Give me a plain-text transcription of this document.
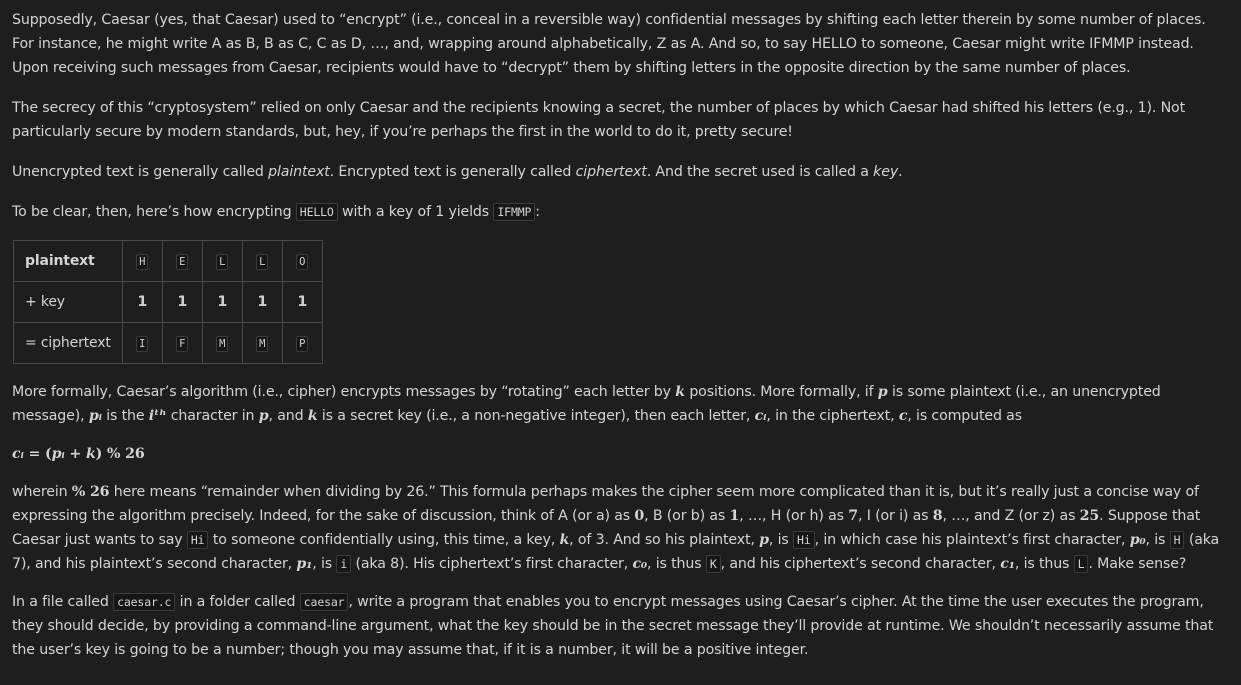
Supposedly, Caesar (yes, that Caesar) used to “encrypt” (i.e., conceal in a reversible way) confidential messages by shifting each letter therein by some number of places. For instance, he might write A as B, B as C, C as D, …, and, wrapping around alphabetically, Z as A. And so, to say HELLO to someone, Caesar might write IFMMP instead. Upon receiving such messages from Caesar, recipients would have to “decrypt” them by shifting letters in the opposite direction by the same number of places.

The secrecy of this “cryptosystem” relied on only Caesar and the recipients knowing a secret, the number of places by which Caesar had shifted his letters (e.g., 1). Not particularly secure by modern standards, but, hey, if you’re perhaps the first in the world to do it, pretty secure!

Unencrypted text is generally called plaintext. Encrypted text is generally called ciphertext. And the secret used is called a key.

To be clear, then, here’s how encrypting HELLO with a key of 1 yields IFMMP :

plaintext	H	E	L	L	O
+ key	1	1	1	1	1
= ciphertext	I	F	M	M	P

More formally, Caesar’s algorithm (i.e., cipher) encrypts messages by “rotating” each letter by k positions. More formally, if p is some plaintext (i.e., an unencrypted message), pᵢ is the iᵗʰ character in p, and k is a secret key (i.e., a non-negative integer), then each letter, cᵢ, in the ciphertext, c, is computed as

cᵢ = (pᵢ + k) % 26

wherein % 26 here means “remainder when dividing by 26.” This formula perhaps makes the cipher seem more complicated than it is, but it’s really just a concise way of expressing the algorithm precisely. Indeed, for the sake of discussion, think of A (or a) as 0, B (or b) as 1, …, H (or h) as 7, I (or i) as 8, …, and Z (or z) as 25. Suppose that Caesar just wants to say Hi to someone confidentially using, this time, a key, k, of 3. And so his plaintext, p, is Hi , in which case his plaintext’s first character, p₀, is H (aka 7), and his plaintext’s second character, p₁, is i (aka 8). His ciphertext’s first character, c₀, is thus K , and his ciphertext’s second character, c₁, is thus L . Make sense?

In a file called caesar.c in a folder called caesar , write a program that enables you to encrypt messages using Caesar’s cipher. At the time the user executes the program, they should decide, by providing a command-line argument, what the key should be in the secret message they’ll provide at runtime. We shouldn’t necessarily assume that the user’s key is going to be a number; though you may assume that, if it is a number, it will be a positive integer.
